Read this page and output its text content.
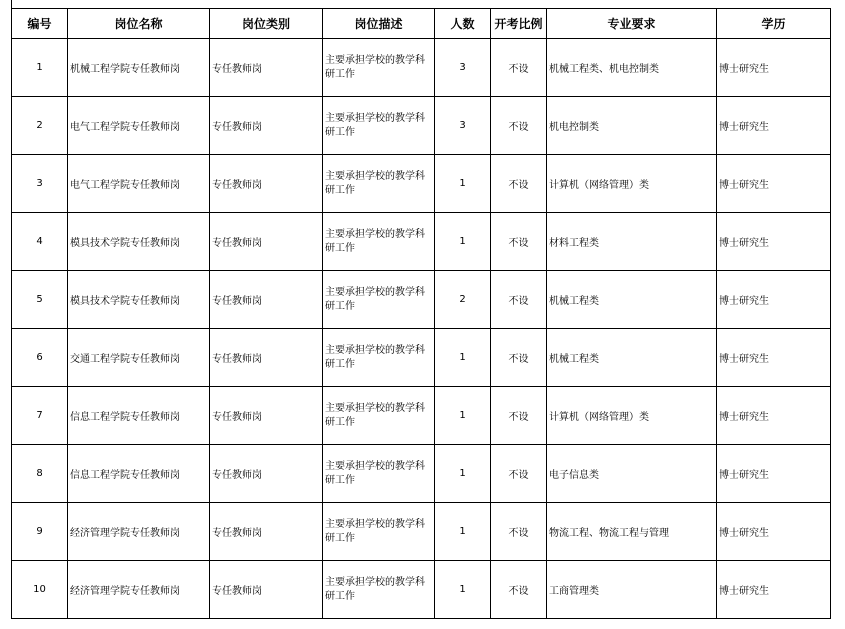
编号	岗位名称	岗位类别	岗位描述	人数	开考比例	专业要求	学历
1	机械工程学院专任教师岗	专任教师岗	主要承担学校的教学科研工作	3	不设	机械工程类、机电控制类	博士研究生
2	电气工程学院专任教师岗	专任教师岗	主要承担学校的教学科研工作	3	不设	机电控制类	博士研究生
3	电气工程学院专任教师岗	专任教师岗	主要承担学校的教学科研工作	1	不设	计算机（网络管理）类	博士研究生
4	模具技术学院专任教师岗	专任教师岗	主要承担学校的教学科研工作	1	不设	材料工程类	博士研究生
5	模具技术学院专任教师岗	专任教师岗	主要承担学校的教学科研工作	2	不设	机械工程类	博士研究生
6	交通工程学院专任教师岗	专任教师岗	主要承担学校的教学科研工作	1	不设	机械工程类	博士研究生
7	信息工程学院专任教师岗	专任教师岗	主要承担学校的教学科研工作	1	不设	计算机（网络管理）类	博士研究生
8	信息工程学院专任教师岗	专任教师岗	主要承担学校的教学科研工作	1	不设	电子信息类	博士研究生
9	经济管理学院专任教师岗	专任教师岗	主要承担学校的教学科研工作	1	不设	物流工程、物流工程与管理	博士研究生
10	经济管理学院专任教师岗	专任教师岗	主要承担学校的教学科研工作	1	不设	工商管理类	博士研究生
